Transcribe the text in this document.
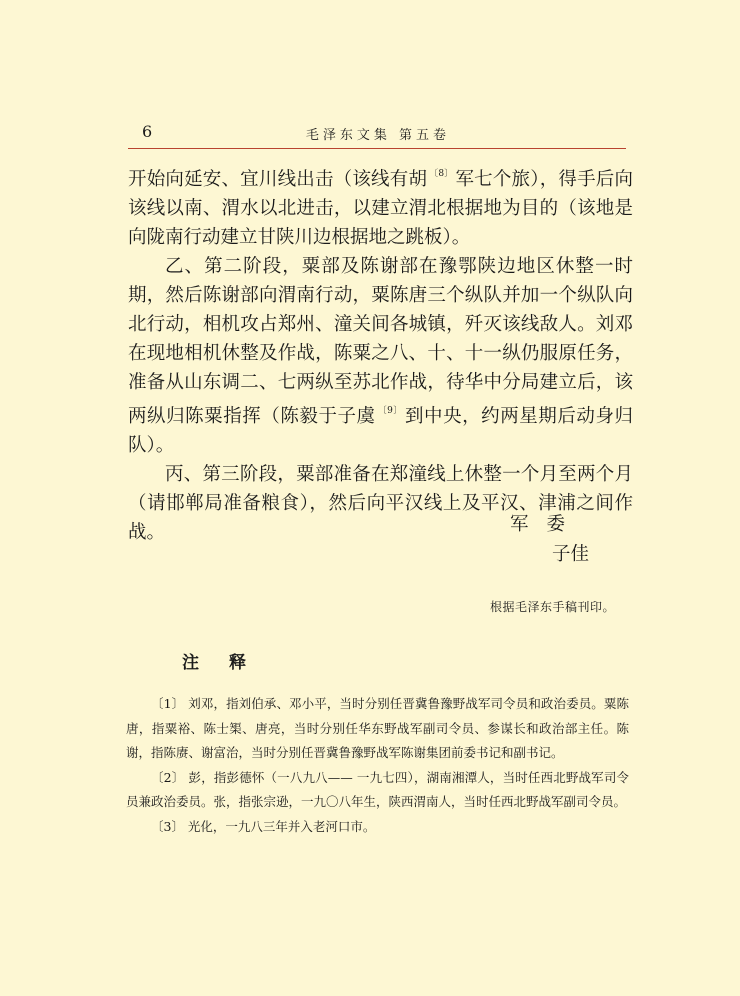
6	毛泽东文集 第五卷

开始向延安、宜川线出击（该线有胡 $^{〔8〕}$ 军七个旅），得手后向该线以南、渭水以北进击，以建立渭北根据地为目的（该地是向陇南行动建立甘陕川边根据地之跳板）。

乙、第二阶段，粟部及陈谢部在豫鄂陕边地区休整一时期，然后陈谢部向渭南行动，粟陈唐三个纵队并加一个纵队向北行动，相机攻占郑州、潼关间各城镇，歼灭该线敌人。刘邓在现地相机休整及作战，陈粟之八、十、十一纵仍服原任务，准备从山东调二、七两纵至苏北作战，待华中分局建立后，该两纵归陈粟指挥（陈毅于子虞 $^{〔9〕}$ 到中央，约两星期后动身归队）。

丙、第三阶段，粟部准备在郑潼线上休整一个月至两个月（请邯郸局准备粮食），然后向平汉线上及平汉、津浦之间作战。	军委
子佳
根据毛泽东手稿刊印。
注释

〔1〕 刘邓，指刘伯承、邓小平，当时分别任晋冀鲁豫野战军司令员和政治委员。粟陈唐，指粟裕、陈士榘、唐亮，当时分别任华东野战军副司令员、参谋长和政治部主任。陈谢，指陈赓、谢富治，当时分别任晋冀鲁豫野战军陈谢集团前委书记和副书记。

〔2〕 彭，指彭德怀（一八九八—— 一九七四），湖南湘潭人，当时任西北野战军司令员兼政治委员。张，指张宗逊，一九〇八年生，陕西渭南人，当时任西北野战军副司令员。

〔3〕 光化，一九八三年并入老河口市。
